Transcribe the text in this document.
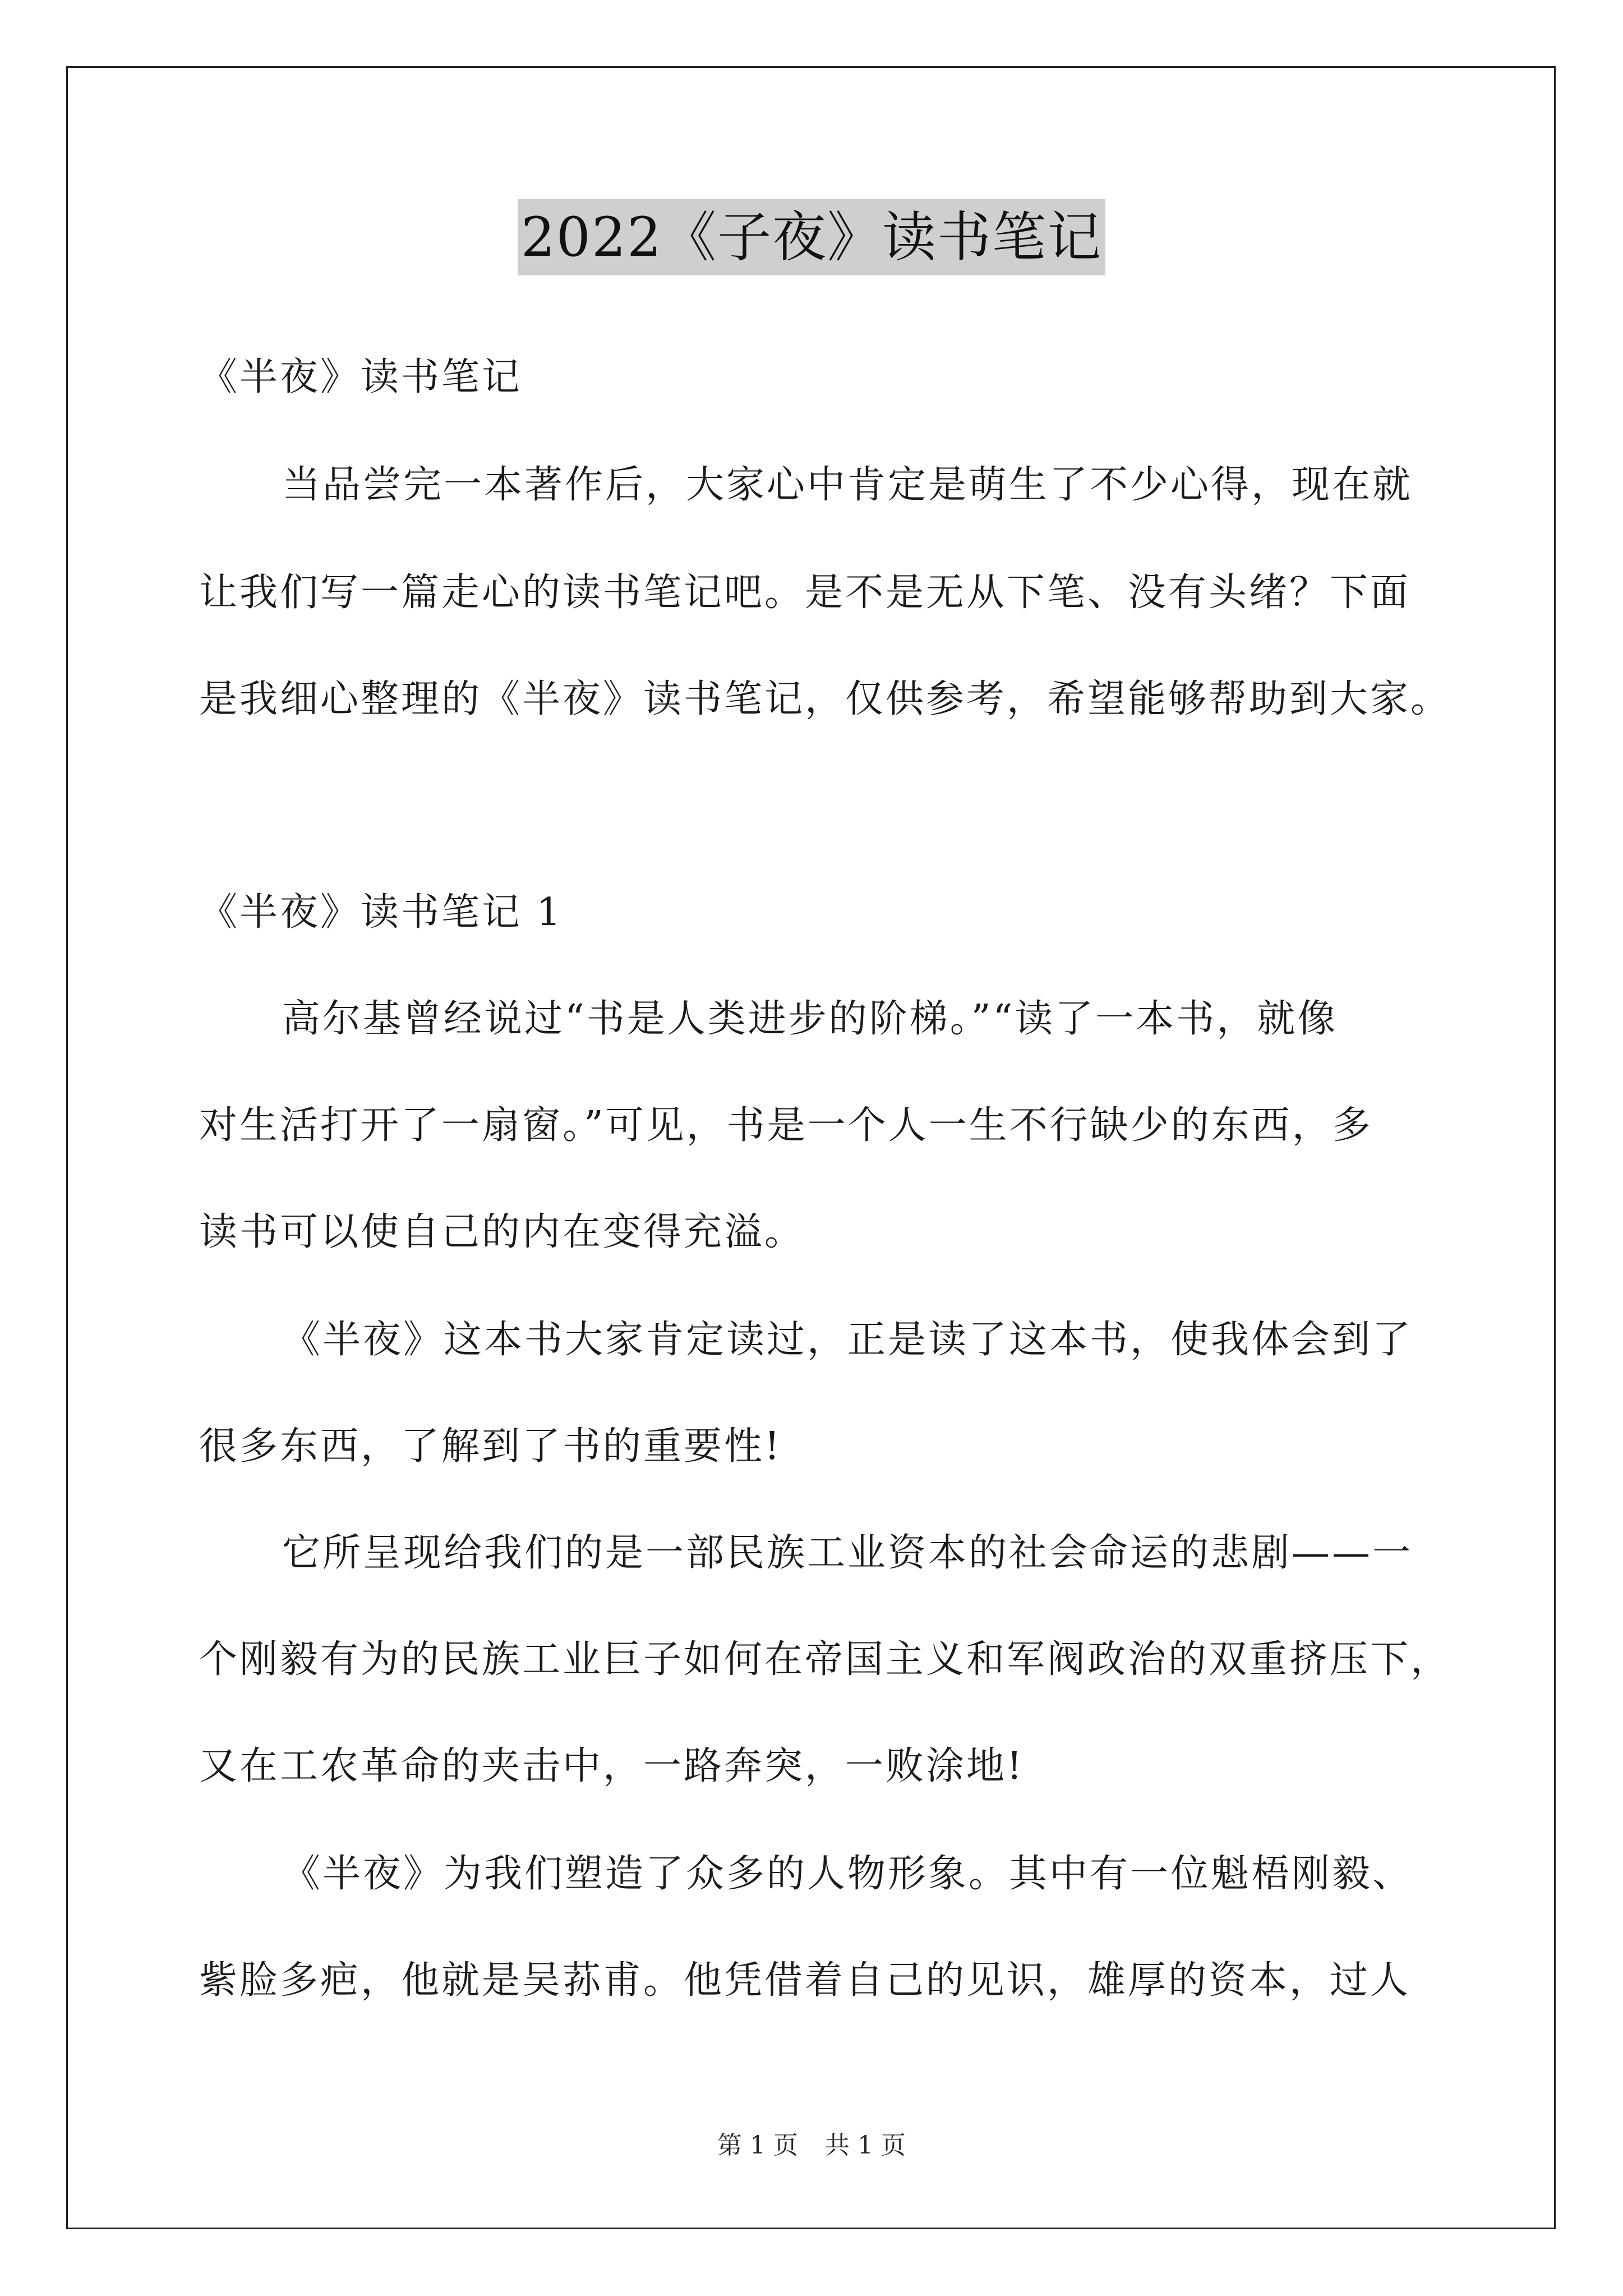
2022《子夜》读书笔记
《半夜》读书笔记
当品尝完一本著作后，大家心中肯定是萌生了不少心得，现在就
让我们写一篇走心的读书笔记吧。是不是无从下笔、没有头绪？下面
是我细心整理的《半夜》读书笔记，仅供参考，希望能够帮助到大家。
《半夜》读书笔记 1
高尔基曾经说过“书是人类进步的阶梯。”“读了一本书，就像
对生活打开了一扇窗。”可见，书是一个人一生不行缺少的东西，多
读书可以使自己的内在变得充溢。
《半夜》这本书大家肯定读过，正是读了这本书，使我体会到了
很多东西，了解到了书的重要性!
它所呈现给我们的是一部民族工业资本的社会命运的悲剧——一
个刚毅有为的民族工业巨子如何在帝国主义和军阀政治的双重挤压下，
又在工农革命的夹击中，一路奔突，一败涂地!
《半夜》为我们塑造了众多的人物形象。其中有一位魁梧刚毅、
紫脸多疤，他就是吴荪甫。他凭借着自己的见识，雄厚的资本，过人
第 1 页 共 1 页
